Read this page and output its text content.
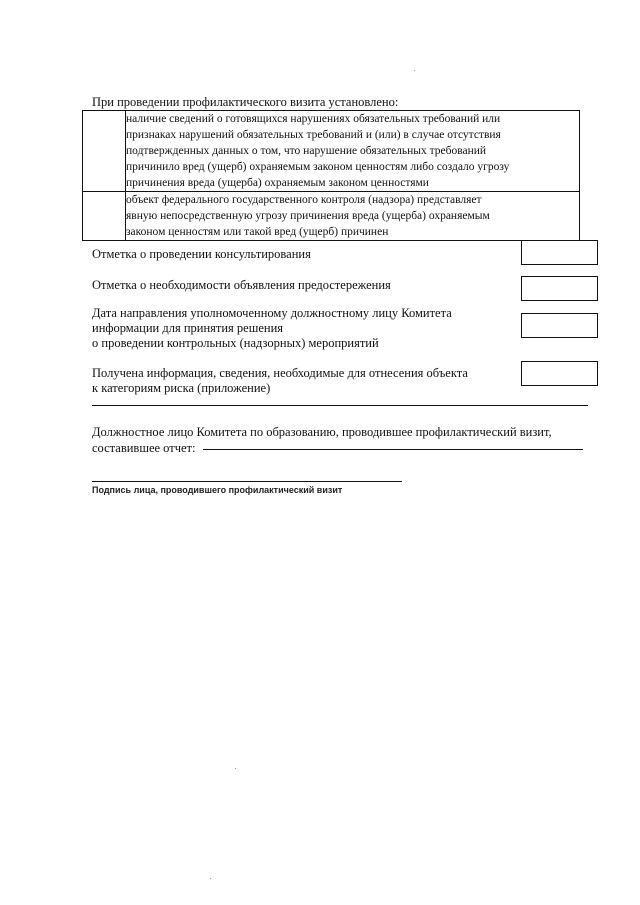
При проведении профилактического визита установлено:

	наличие сведений о готовящихся нарушениях обязательных требований или
признаках нарушений обязательных требований и (или) в случае отсутствия
подтвержденных данных о том, что нарушение обязательных требований
причинило вред (ущерб) охраняемым законом ценностям либо создало угрозу
причинения вреда (ущерба) охраняемым законом ценностями

	объект федерального государственного контроля (надзора) представляет
явную непосредственную угрозу причинения вреда (ущерба) охраняемым
законом ценностям или такой вред (ущерб) причинен
Отметка о проведении консультирования
Отметка о необходимости объявления предостережения
Дата направления уполномоченному должностному лицу Комитета
информации для принятия решения
о проведении контрольных (надзорных) мероприятий
Получена информация, сведения, необходимые для отнесения объекта
к категориям риска (приложение)
Должностное лицо Комитета по образованию, проводившее профилактический визит,
составившее отчет:
Подпись лица, проводившего профилактический визит
